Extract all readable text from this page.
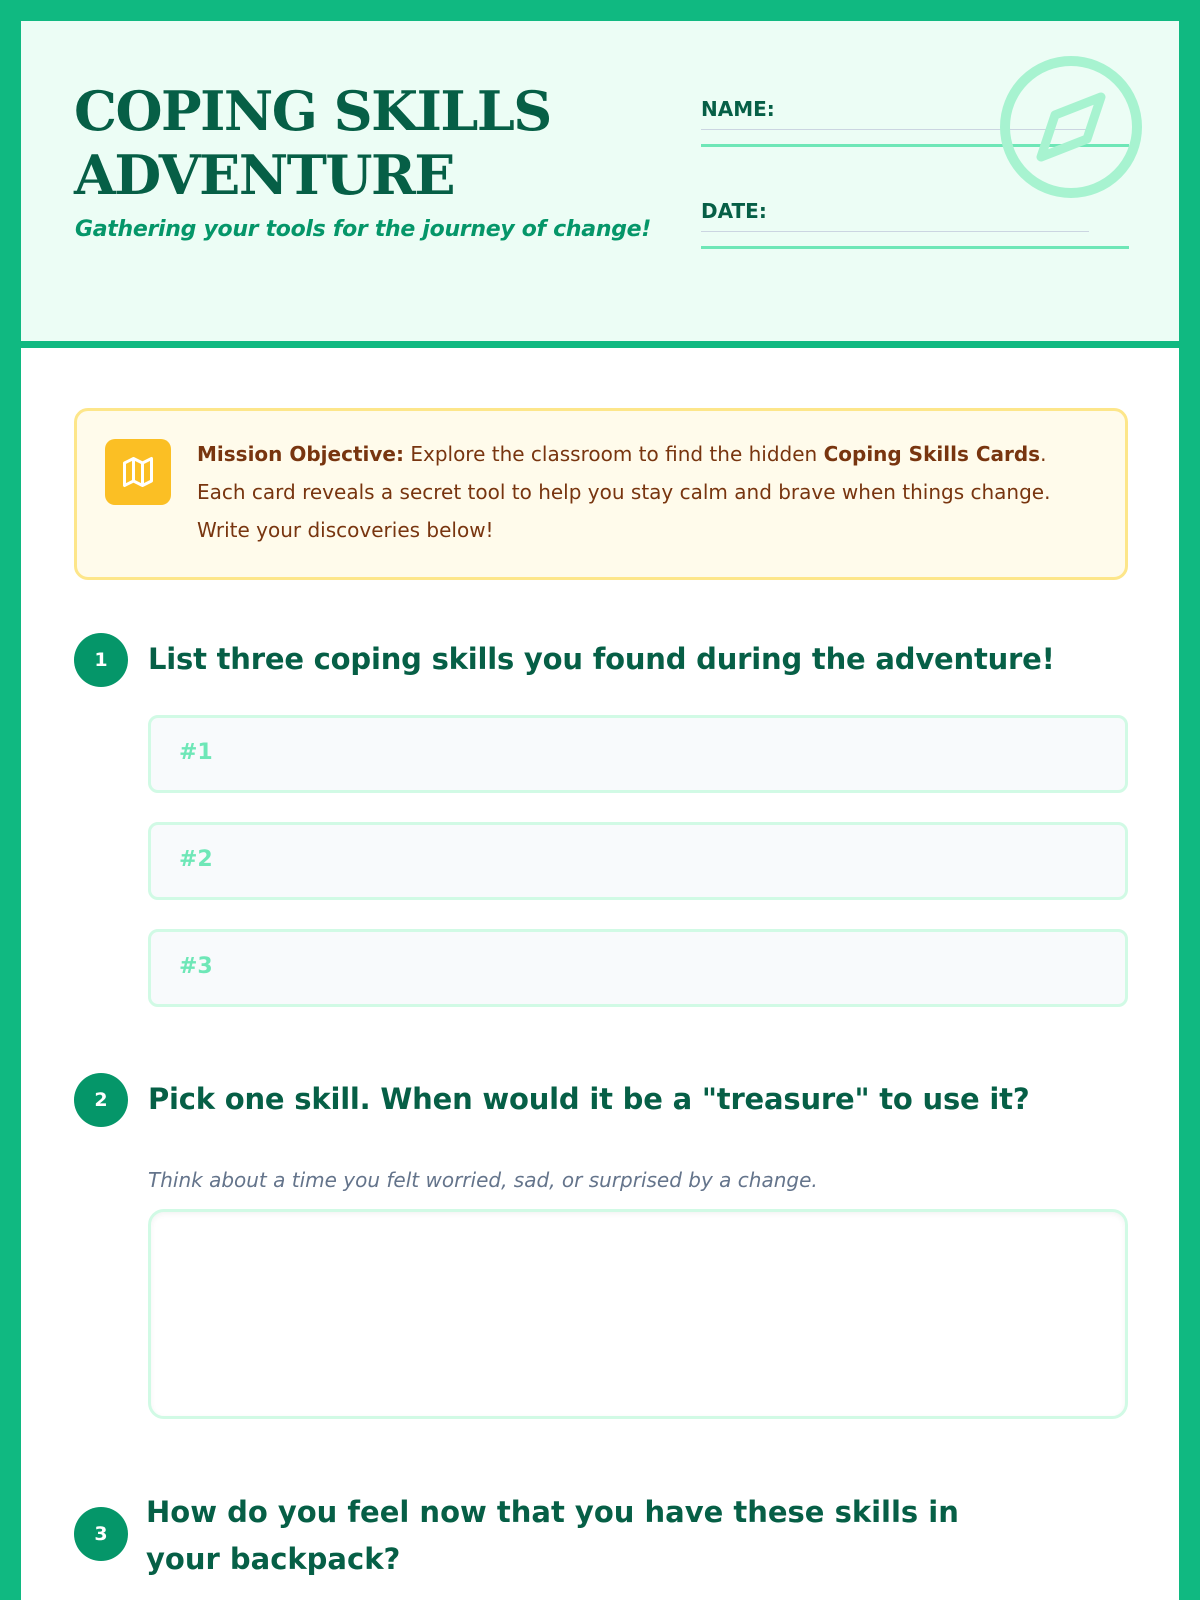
COPING SKILLS
ADVENTURE
Gathering your tools for the journey of change!
NAME:
DATE:
Mission Objective: Explore the classroom to find the hidden Coping Skills Cards. Each card reveals a secret tool to help you stay calm and brave when things change. Write your discoveries below!
1	List three coping skills you found during the adventure!
#1
#2
#3
2	Pick one skill. When would it be a "treasure" to use it?
Think about a time you felt worried, sad, or surprised by a change.
3
How do you feel now that you have these skills in your backpack?
